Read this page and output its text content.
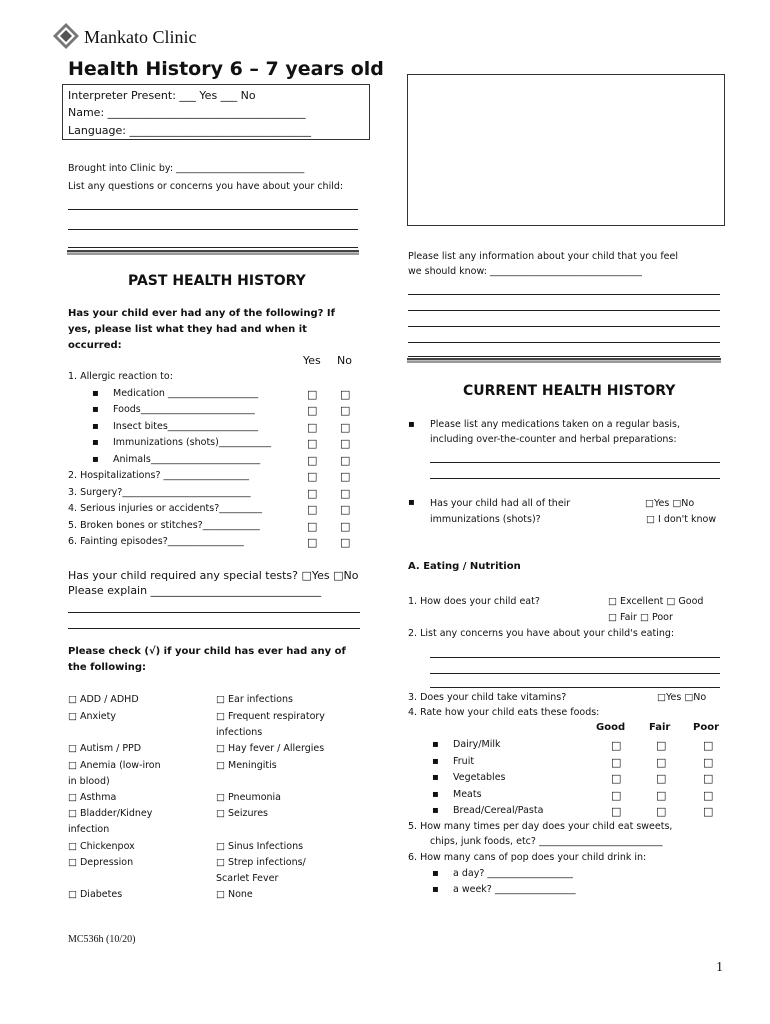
Mankato Clinic
Health History 6 – 7 years old
Interpreter Present: ___ Yes ___ No
Name: ____________________________________
Language: _________________________________
Brought into Clinic by: ___________________________
List any questions or concerns you have about your child:
Please list any information about your child that you feel
we should know: ________________________________
PAST HEALTH HISTORY
Has your child ever had any of the following? If
yes, please list what they had and when it
occurred:
Yes No
1. Allergic reaction to:
Medication ___________________
▪	□ □
Foods________________________
▪	□ □
Insect bites___________________
▪	□ □
Immunizations (shots)___________
▪	□ □
Animals_______________________
▪	□ □
2. Hospitalizations? __________________	□ □
3. Surgery?___________________________	□ □
4. Serious injuries or accidents?_________	□ □
5. Broken bones or stitches?____________	□ □
6. Fainting episodes?________________	□ □
Has your child required any special tests? □Yes □No
Please explain _______________________________
Please check (√) if your child has ever had any of
the following:
□ ADD / ADHD
□ Anxiety
□ Autism / PPD
□ Anemia (low-iron
in blood)
□ Asthma
□ Bladder/Kidney
infection
□ Chickenpox
□ Depression
□ Diabetes
□ Ear infections
□ Frequent respiratory
infections
□ Hay fever / Allergies
□ Meningitis
□ Pneumonia
□ Seizures
□ Sinus Infections
□ Strep infections/
Scarlet Fever
□ None
CURRENT HEALTH HISTORY
▪ Please list any medications taken on a regular basis,
including over-the-counter and herbal preparations:
▪ Has your child had all of their
immunizations (shots)?
□Yes □No
□ I don't know
A. Eating / Nutrition
1. How does your child eat?	□ Excellent □ Good
□ Fair □ Poor
2. List any concerns you have about your child's eating:
3. Does your child take vitamins?	□Yes □No
4. Rate how your child eats these foods:
Good Fair Poor
▪ Dairy/Milk	□	□	□
▪ Fruit	□	□	□
▪ Vegetables	□	□	□
▪ Meats	□	□	□
▪ Bread/Cereal/Pasta	□	□	□
5. How many times per day does your child eat sweets,
chips, junk foods, etc? __________________________
6. How many cans of pop does your child drink in:
▪ a day? __________________
▪ a week? _________________
MC536h (10/20)
1
